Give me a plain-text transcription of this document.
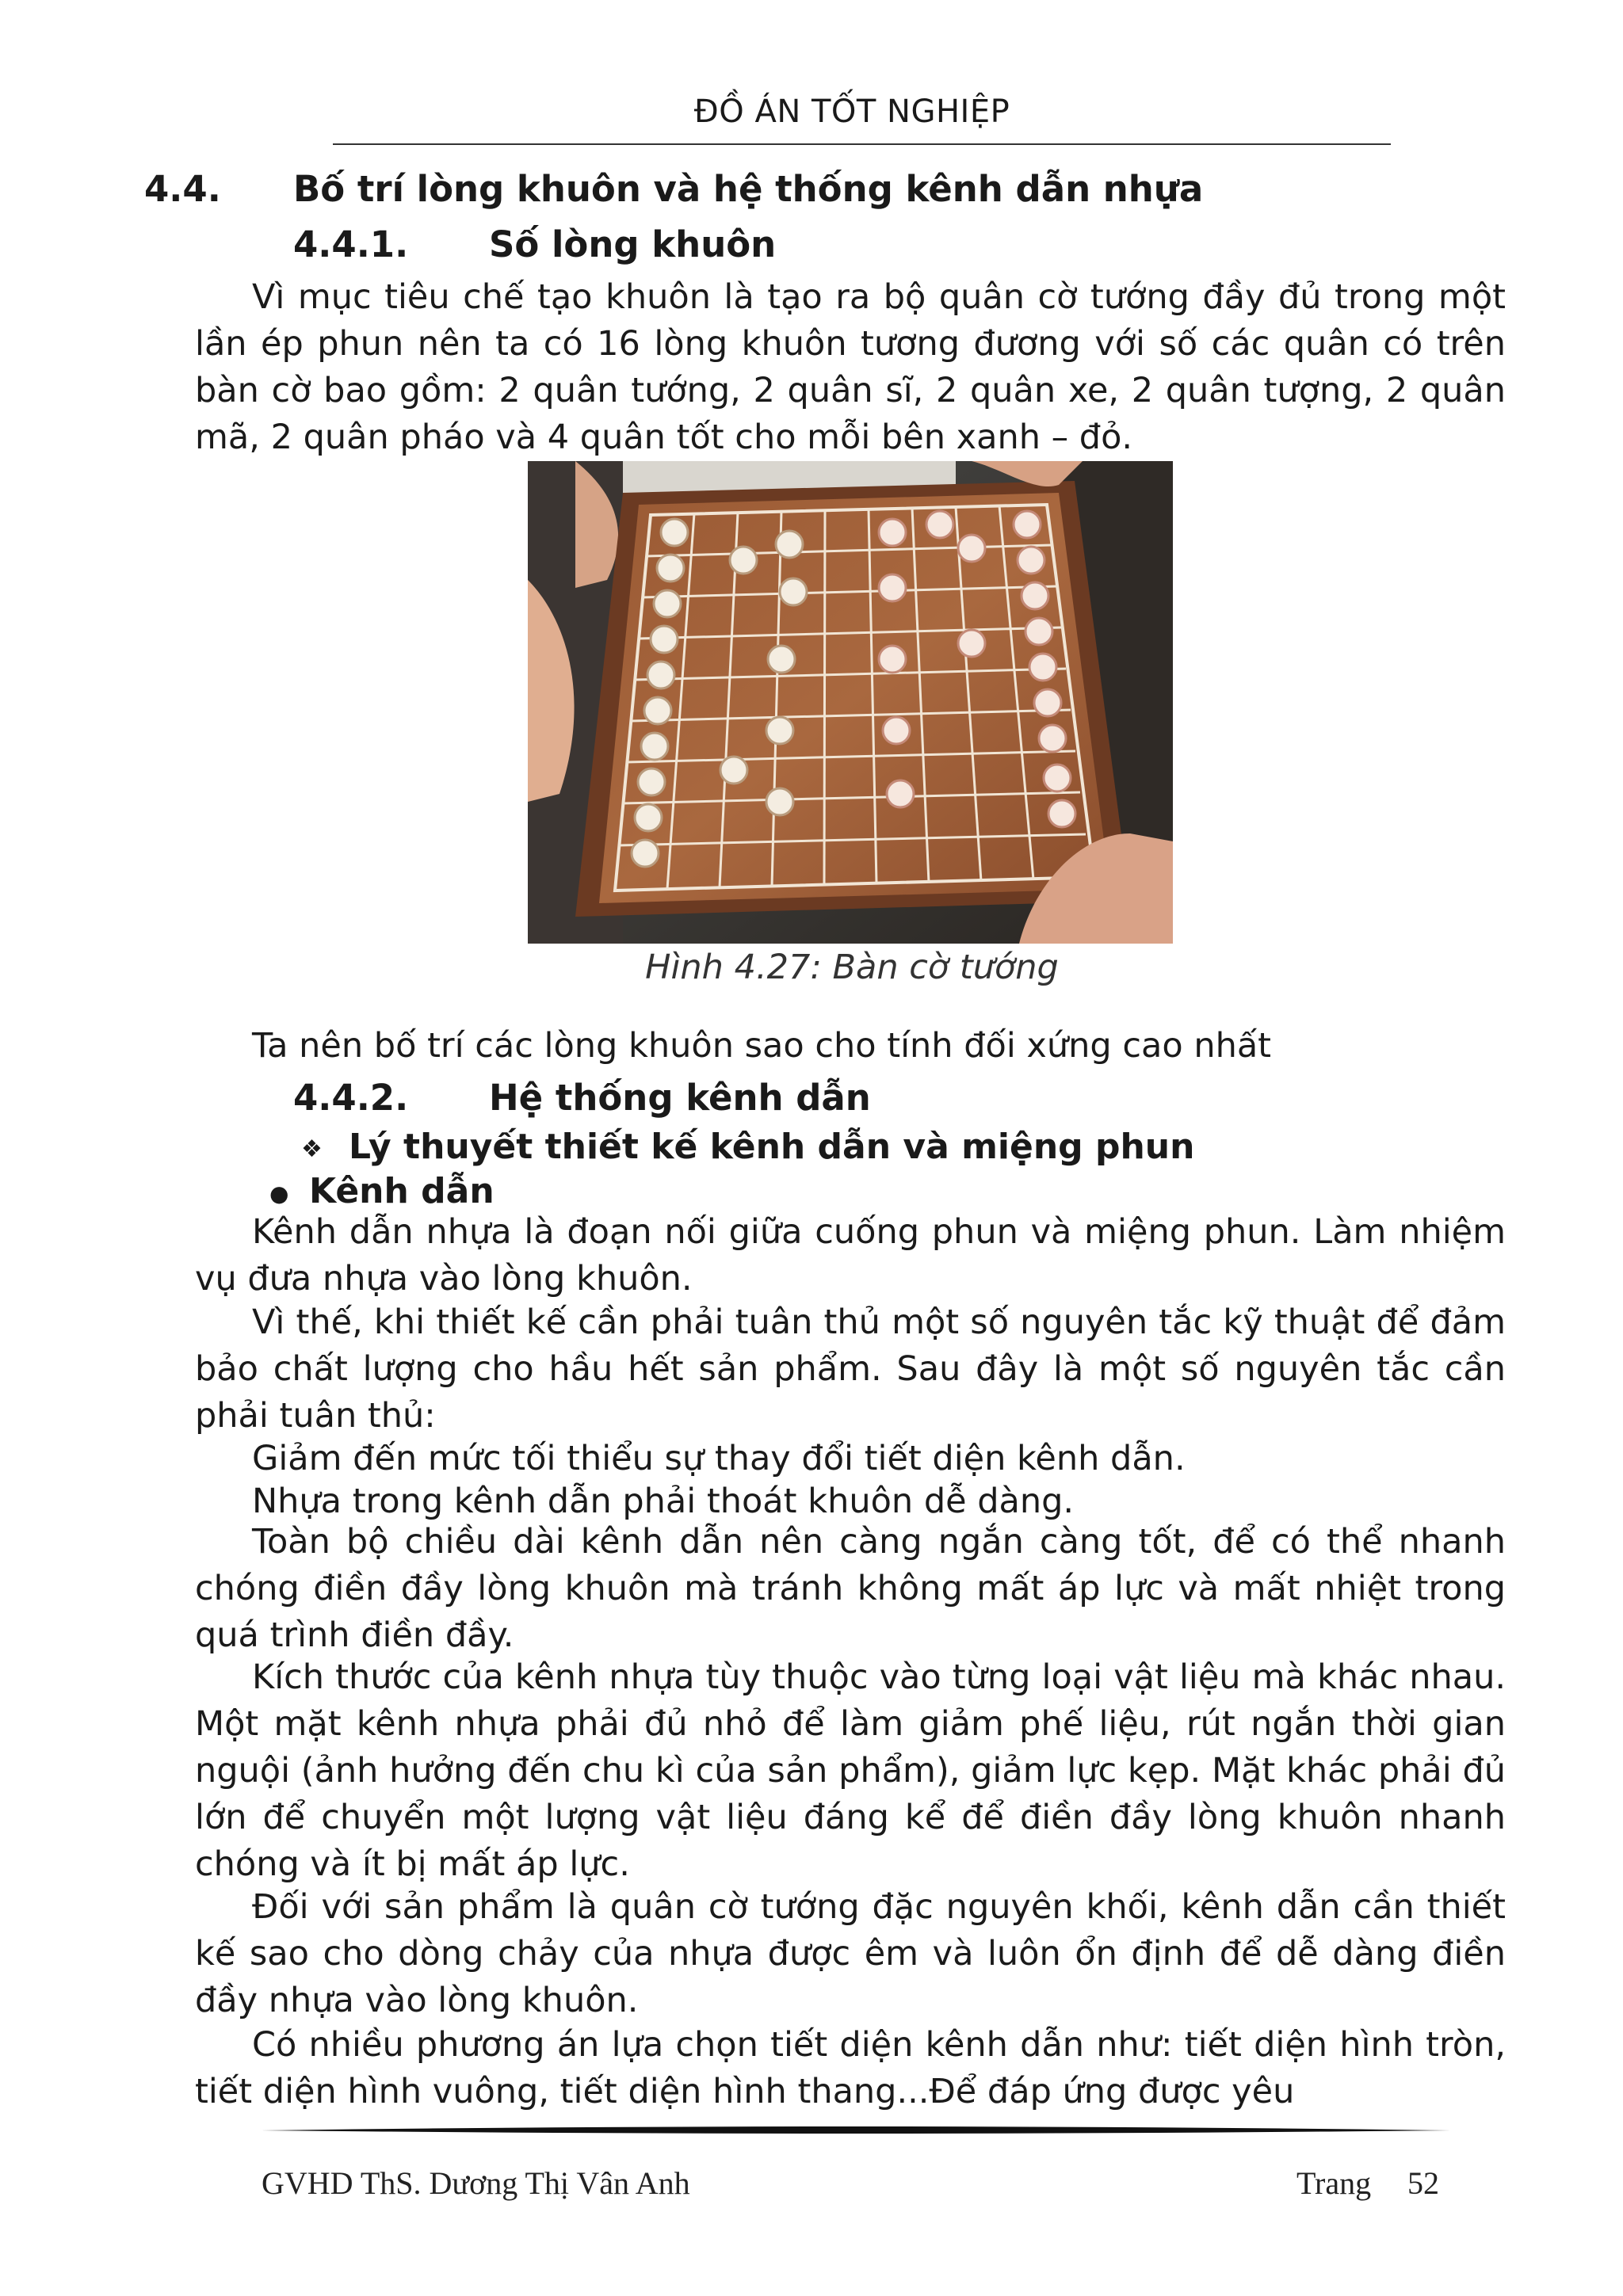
ĐỒ ÁN TỐT NGHIỆP
4.4. Bố trí lòng khuôn và hệ thống kênh dẫn nhựa
4.4.1. Số lòng khuôn

Vì mục tiêu chế tạo khuôn là tạo ra bộ quân cờ tướng đầy đủ trong một lần ép phun nên ta có 16 lòng khuôn tương đương với số các quân có trên bàn cờ bao gồm: 2 quân tướng, 2 quân sĩ, 2 quân xe, 2 quân tượng, 2 quân mã, 2 quân pháo và 4 quân tốt cho mỗi bên xanh – đỏ.

Hình 4.27: Bàn cờ tướng
Ta nên bố trí các lòng khuôn sao cho tính đối xứng cao nhất
4.4.2. Hệ thống kênh dẫn
❖ Lý thuyết thiết kế kênh dẫn và miệng phun
● Kênh dẫn

Kênh dẫn nhựa là đoạn nối giữa cuống phun và miệng phun. Làm nhiệm vụ đưa nhựa vào lòng khuôn.

Vì thế, khi thiết kế cần phải tuân thủ một số nguyên tắc kỹ thuật để đảm bảo chất lượng cho hầu hết sản phẩm. Sau đây là một số nguyên tắc cần phải tuân thủ:

Giảm đến mức tối thiểu sự thay đổi tiết diện kênh dẫn.
Nhựa trong kênh dẫn phải thoát khuôn dễ dàng.

Toàn bộ chiều dài kênh dẫn nên càng ngắn càng tốt, để có thể nhanh chóng điền đầy lòng khuôn mà tránh không mất áp lực và mất nhiệt trong quá trình điền đầy.

Kích thước của kênh nhựa tùy thuộc vào từng loại vật liệu mà khác nhau. Một mặt kênh nhựa phải đủ nhỏ để làm giảm phế liệu, rút ngắn thời gian nguội (ảnh hưởng đến chu kì của sản phẩm), giảm lực kẹp. Mặt khác phải đủ lớn để chuyển một lượng vật liệu đáng kể để điền đầy lòng khuôn nhanh chóng và ít bị mất áp lực.

Đối với sản phẩm là quân cờ tướng đặc nguyên khối, kênh dẫn cần thiết kế sao cho dòng chảy của nhựa được êm và luôn ổn định để dễ dàng điền đầy nhựa vào lòng khuôn.

Có nhiều phương án lựa chọn tiết diện kênh dẫn như: tiết diện hình tròn, tiết diện hình vuông, tiết diện hình thang...Để đáp ứng được yêu

GVHD ThS. Dương Thị Vân Anh	Trang 52
